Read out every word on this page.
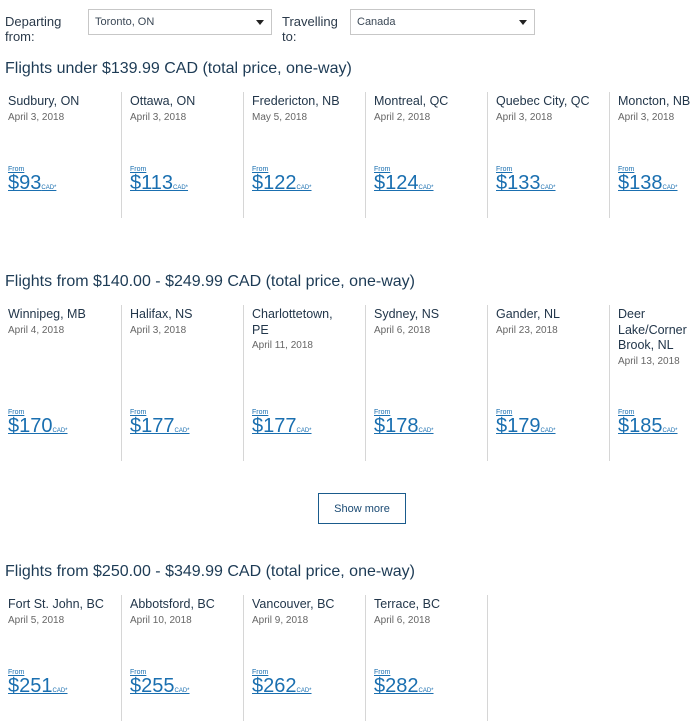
Departing from:
Toronto, ON	Travelling to:
Canada
Flights under $139.99 CAD (total price, one-way)
Sudbury, ON
April 3, 2018
From
$93CAD*
Ottawa, ON
April 3, 2018
From
$113CAD*
Fredericton, NB
May 5, 2018
From
$122CAD*
Montreal, QC
April 2, 2018
From
$124CAD*
Quebec City, QC
April 3, 2018
From
$133CAD*
Moncton, NB
April 3, 2018
From
$138CAD*
Flights from $140.00 - $249.99 CAD (total price, one-way)
Winnipeg, MB
April 4, 2018
From
$170CAD*
Halifax, NS
April 3, 2018
From
$177CAD*
Charlottetown, PE
April 11, 2018
From
$177CAD*
Sydney, NS
April 6, 2018
From
$178CAD*
Gander, NL
April 23, 2018
From
$179CAD*
Deer Lake/Corner Brook, NL
April 13, 2018
From
$185CAD*
Show more
Flights from $250.00 - $349.99 CAD (total price, one-way)
Fort St. John, BC
April 5, 2018
From
$251CAD*
Abbotsford, BC
April 10, 2018
From
$255CAD*
Vancouver, BC
April 9, 2018
From
$262CAD*
Terrace, BC
April 6, 2018
From
$282CAD*
